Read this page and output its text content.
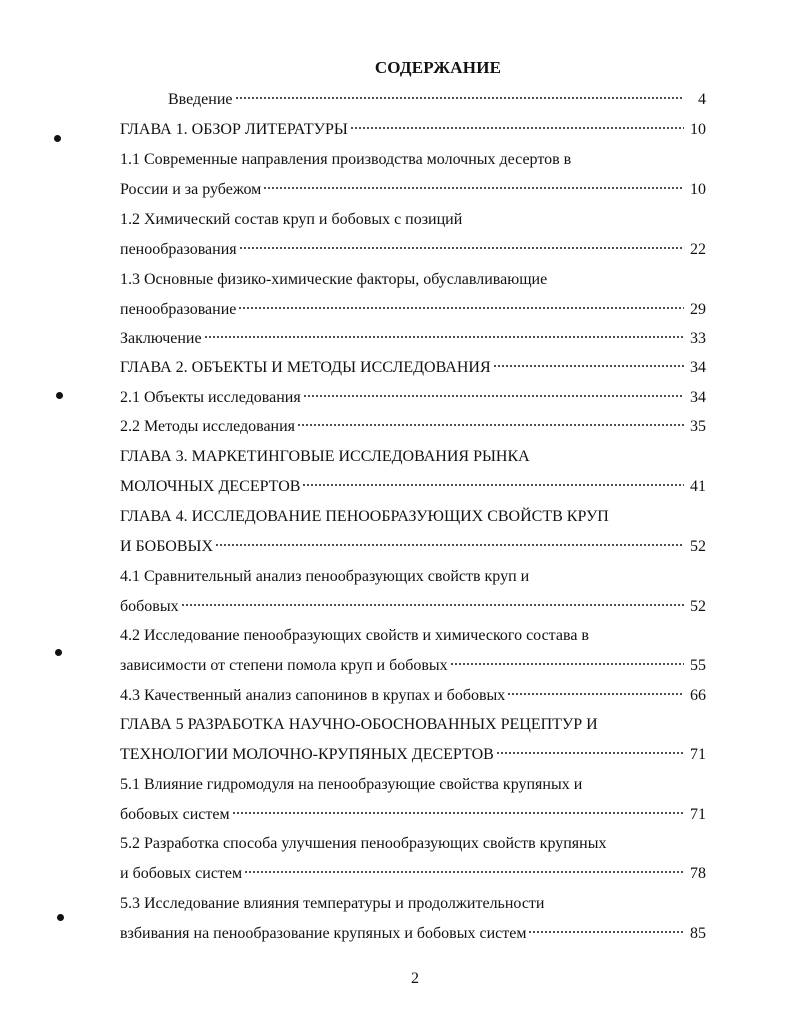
СОДЕРЖАНИЕ
Введение	4
ГЛАВА 1. ОБЗОР ЛИТЕРАТУРЫ	10
1.1 Современные направления производства молочных десертов в
России и за рубежом	10
1.2 Химический состав круп и бобовых с позиций
пенообразования	22
1.3 Основные физико-химические факторы, обуславливающие
пенообразование	29
Заключение	33
ГЛАВА 2. ОБЪЕКТЫ И МЕТОДЫ ИССЛЕДОВАНИЯ	34
2.1 Объекты исследования	34
2.2 Методы исследования	35
ГЛАВА 3. МАРКЕТИНГОВЫЕ ИССЛЕДОВАНИЯ РЫНКА
МОЛОЧНЫХ ДЕСЕРТОВ	41
ГЛАВА 4. ИССЛЕДОВАНИЕ ПЕНООБРАЗУЮЩИХ СВОЙСТВ КРУП
И БОБОВЫХ	52
4.1 Сравнительный анализ пенообразующих свойств круп и
бобовых	52
4.2 Исследование пенообразующих свойств и химического состава в
зависимости от степени помола круп и бобовых	55
4.3 Качественный анализ сапонинов в крупах и бобовых	66
ГЛАВА 5 РАЗРАБОТКА НАУЧНО-ОБОСНОВАННЫХ РЕЦЕПТУР И
ТЕХНОЛОГИИ МОЛОЧНО-КРУПЯНЫХ ДЕСЕРТОВ	71
5.1 Влияние гидромодуля на пенообразующие свойства крупяных и
бобовых систем	71
5.2 Разработка способа улучшения пенообразующих свойств крупяных
и бобовых систем	78
5.3 Исследование влияния температуры и продолжительности
взбивания на пенообразование крупяных и бобовых систем	85
2
